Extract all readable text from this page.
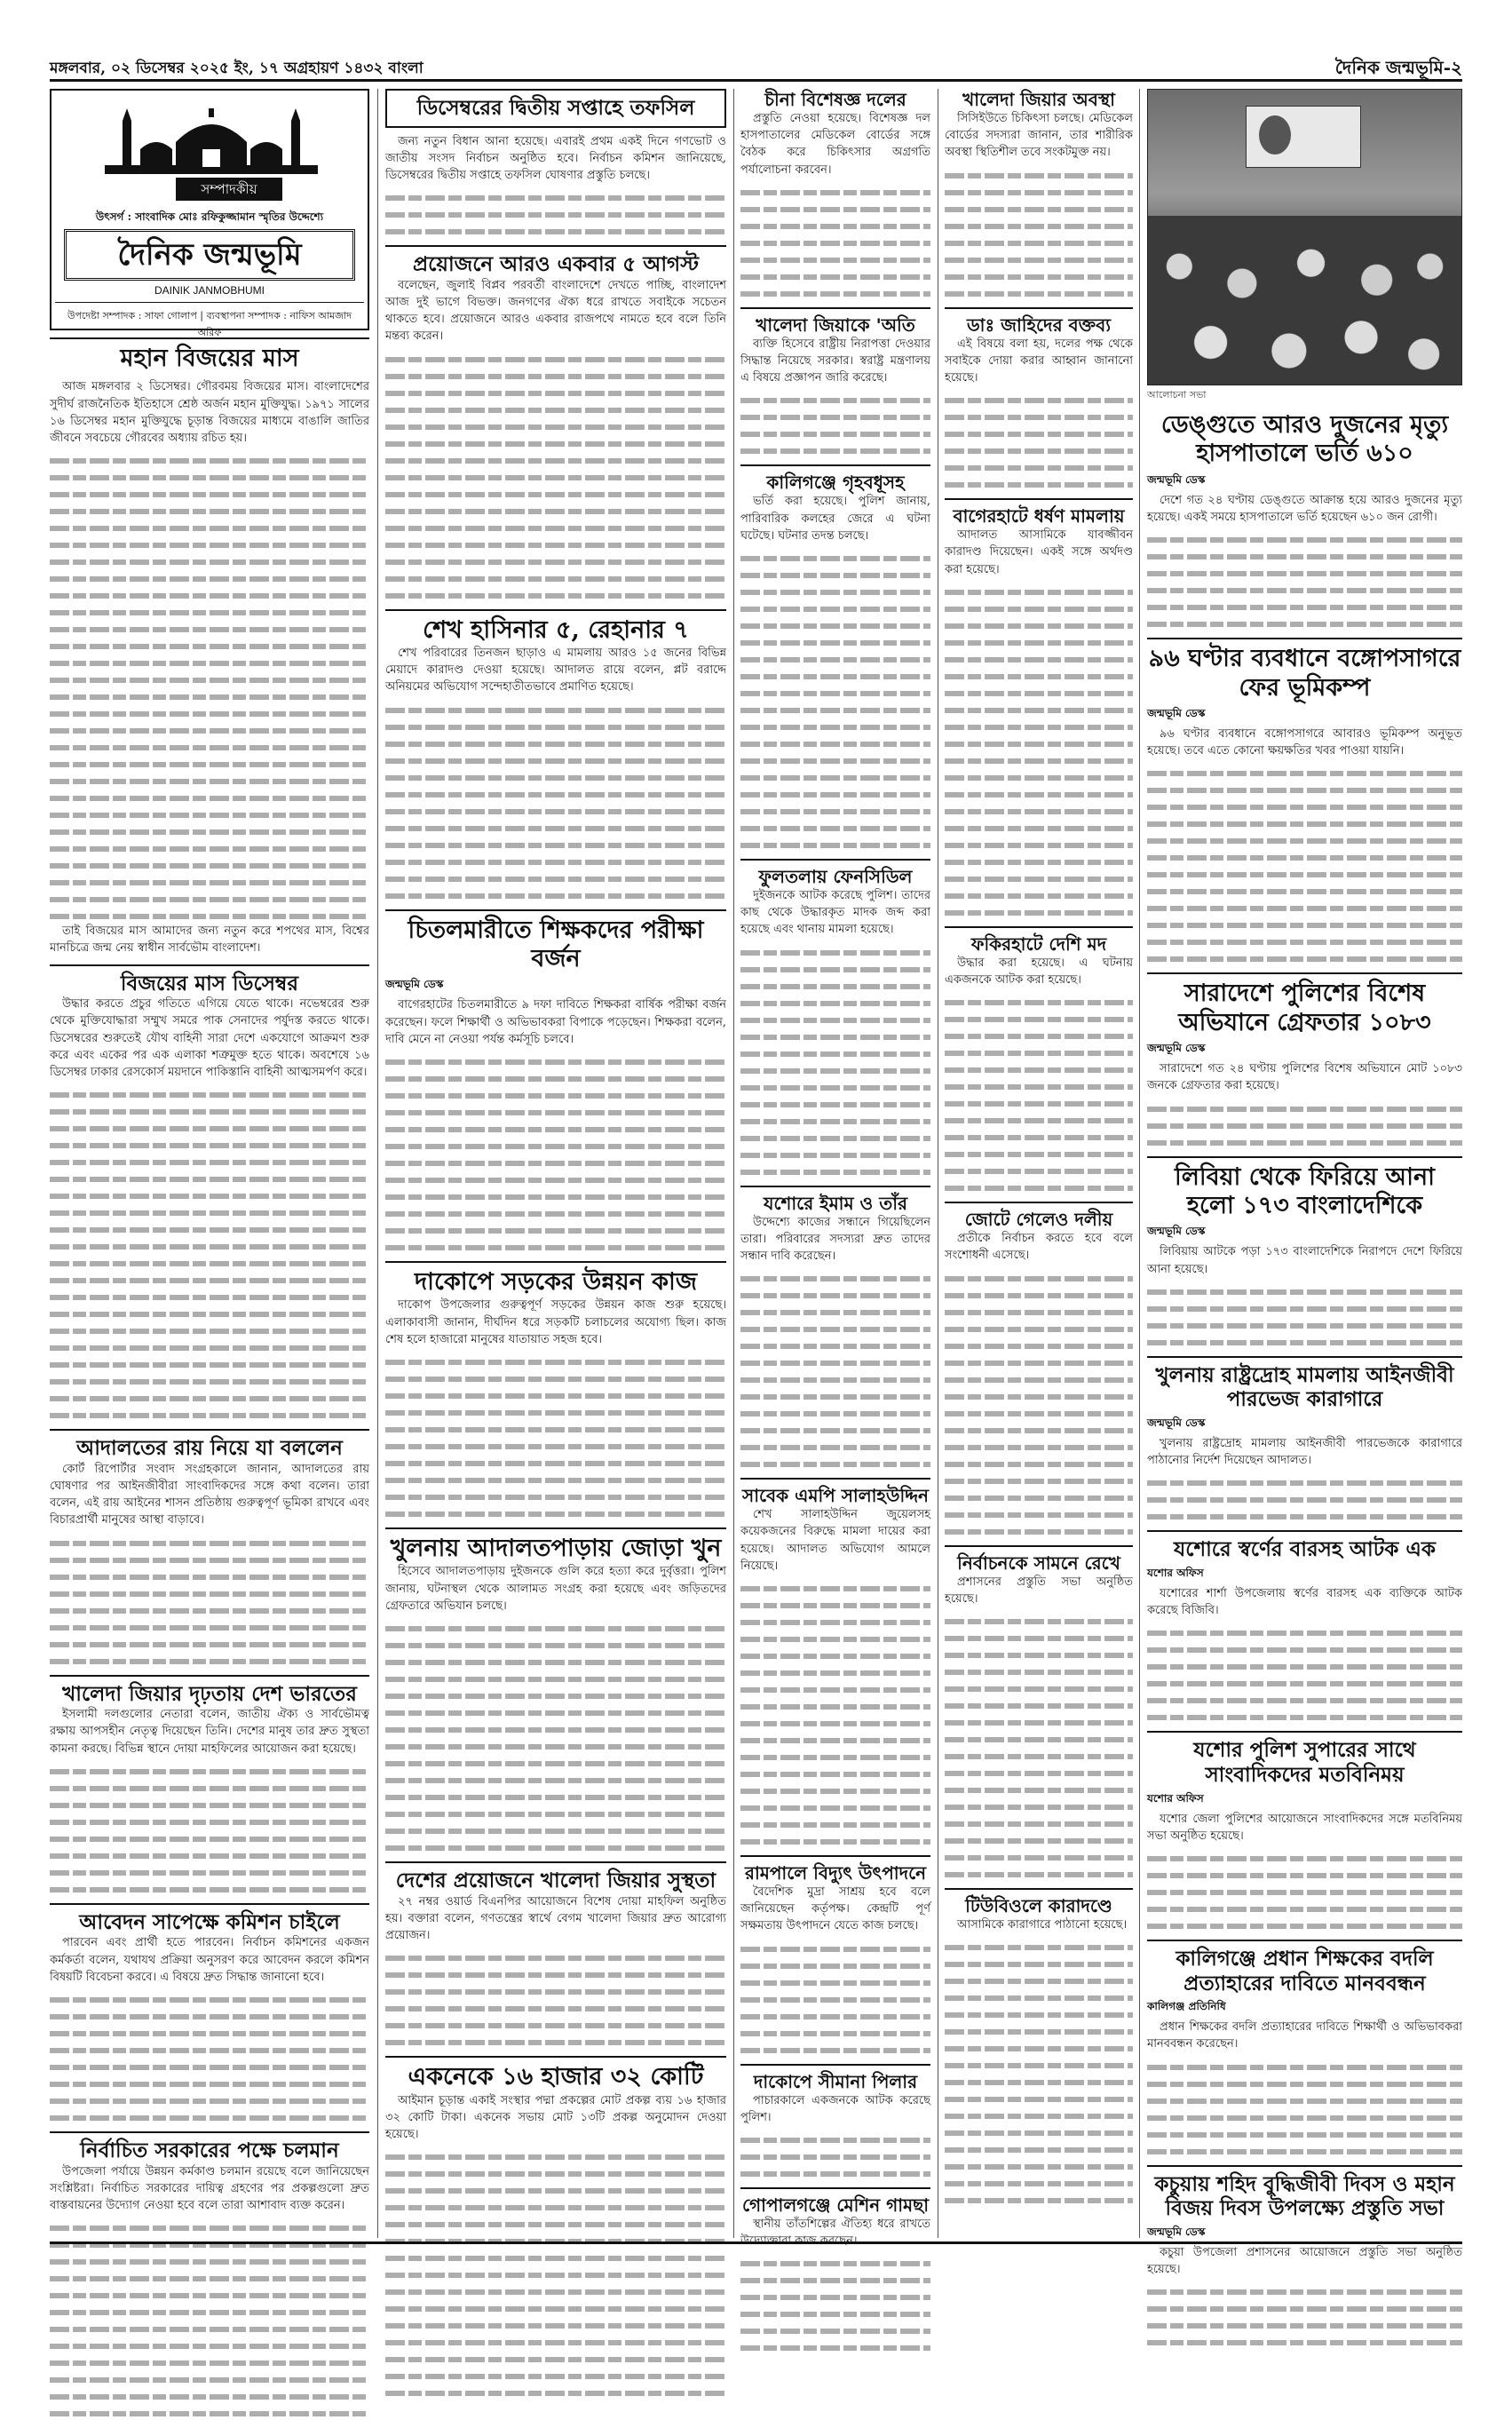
মঙ্গলবার, ০২ ডিসেম্বর ২০২৫ ইং, ১৭ অগ্রহায়ণ ১৪৩২ বাংলা	দৈনিক জন্মভূমি-২
সম্পাদকীয়
উৎসর্গ : সাংবাদিক মোঃ রফিকুজ্জামান স্মৃতির উদ্দেশ্যে
দৈনিক জন্মভূমি
DAINIK JANMOBHUMI
উপদেষ্টা সম্পাদক : সাফা গোলাপ | ব্যবস্থাপনা সম্পাদক : নাফিস আমজাদ অরিফ
মহান বিজয়ের মাস

আজ মঙ্গলবার ২ ডিসেম্বর। গৌরবময় বিজয়ের মাস। বাংলাদেশের সুদীর্ঘ রাজনৈতিক ইতিহাসে শ্রেষ্ঠ অর্জন মহান মুক্তিযুদ্ধ। ১৯৭১ সালের ১৬ ডিসেম্বর মহান মুক্তিযুদ্ধে চূড়ান্ত বিজয়ের মাধ্যমে বাঙালি জাতির জীবনে সবচেয়ে গৌরবের অধ্যায় রচিত হয়।

তাই বিজয়ের মাস আমাদের জন্য নতুন করে শপথের মাস, বিশ্বের মানচিত্রে জন্ম নেয় স্বাধীন সার্বভৌম বাংলাদেশ।

বিজয়ের মাস ডিসেম্বর

উদ্ধার করতে প্রচুর গতিতে এগিয়ে যেতে থাকে। নভেম্বরের শুরু থেকে মুক্তিযোদ্ধারা সম্মুখ সমরে পাক সেনাদের পর্যুদস্ত করতে থাকে। ডিসেম্বরের শুরুতেই যৌথ বাহিনী সারা দেশে একযোগে আক্রমণ শুরু করে এবং একের পর এক এলাকা শত্রুমুক্ত হতে থাকে। অবশেষে ১৬ ডিসেম্বর ঢাকার রেসকোর্স ময়দানে পাকিস্তানি বাহিনী আত্মসমর্পণ করে।

আদালতের রায় নিয়ে যা বললেন

কোর্ট রিপোর্টার সংবাদ সংগ্রহকালে জানান, আদালতের রায় ঘোষণার পর আইনজীবীরা সাংবাদিকদের সঙ্গে কথা বলেন। তারা বলেন, এই রায় আইনের শাসন প্রতিষ্ঠায় গুরুত্বপূর্ণ ভূমিকা রাখবে এবং বিচারপ্রার্থী মানুষের আস্থা বাড়াবে।

খালেদা জিয়ার দৃঢ়তায় দেশ ভারতের

ইসলামী দলগুলোর নেতারা বলেন, জাতীয় ঐক্য ও সার্বভৌমত্ব রক্ষায় আপসহীন নেতৃত্ব দিয়েছেন তিনি। দেশের মানুষ তার দ্রুত সুস্থতা কামনা করছে। বিভিন্ন স্থানে দোয়া মাহফিলের আয়োজন করা হয়েছে।

আবেদন সাপেক্ষে কমিশন চাইলে

পারবেন এবং প্রার্থী হতে পারবেন। নির্বাচন কমিশনের একজন কর্মকর্তা বলেন, যথাযথ প্রক্রিয়া অনুসরণ করে আবেদন করলে কমিশন বিষয়টি বিবেচনা করবে। এ বিষয়ে দ্রুত সিদ্ধান্ত জানানো হবে।

নির্বাচিত সরকারের পক্ষে চলমান

উপজেলা পর্যায়ে উন্নয়ন কর্মকাণ্ড চলমান রয়েছে বলে জানিয়েছেন সংশ্লিষ্টরা। নির্বাচিত সরকারের দায়িত্ব গ্রহণের পর প্রকল্পগুলো দ্রুত বাস্তবায়নের উদ্যোগ নেওয়া হবে বলে তারা আশাবাদ ব্যক্ত করেন।

ডিসেম্বরের দ্বিতীয় সপ্তাহে তফসিল

জন্য নতুন বিধান আনা হয়েছে। এবারই প্রথম একই দিনে গণভোট ও জাতীয় সংসদ নির্বাচন অনুষ্ঠিত হবে। নির্বাচন কমিশন জানিয়েছে, ডিসেম্বরের দ্বিতীয় সপ্তাহে তফসিল ঘোষণার প্রস্তুতি চলছে।

প্রয়োজনে আরও একবার ৫ আগস্ট

বলেছেন, জুলাই বিপ্লব পরবর্তী বাংলাদেশে দেখতে পাচ্ছি, বাংলাদেশ আজ দুই ভাগে বিভক্ত। জনগণের ঐক্য ধরে রাখতে সবাইকে সচেতন থাকতে হবে। প্রয়োজনে আরও একবার রাজপথে নামতে হবে বলে তিনি মন্তব্য করেন।

শেখ হাসিনার ৫, রেহানার ৭

শেখ পরিবারের তিনজন ছাড়াও এ মামলায় আরও ১৫ জনের বিভিন্ন মেয়াদে কারাদণ্ড দেওয়া হয়েছে। আদালত রায়ে বলেন, প্লট বরাদ্দে অনিয়মের অভিযোগ সন্দেহাতীতভাবে প্রমাণিত হয়েছে।

চিতলমারীতে শিক্ষকদের পরীক্ষা বর্জন
জন্মভূমি ডেস্ক

বাগেরহাটের চিতলমারীতে ৯ দফা দাবিতে শিক্ষকরা বার্ষিক পরীক্ষা বর্জন করেছেন। ফলে শিক্ষার্থী ও অভিভাবকরা বিপাকে পড়েছেন। শিক্ষকরা বলেন, দাবি মেনে না নেওয়া পর্যন্ত কর্মসূচি চলবে।

দাকোপে সড়কের উন্নয়ন কাজ

দাকোপ উপজেলার গুরুত্বপূর্ণ সড়কের উন্নয়ন কাজ শুরু হয়েছে। এলাকাবাসী জানান, দীর্ঘদিন ধরে সড়কটি চলাচলের অযোগ্য ছিল। কাজ শেষ হলে হাজারো মানুষের যাতায়াত সহজ হবে।

খুলনায় আদালতপাড়ায় জোড়া খুন

হিসেবে আদালতপাড়ায় দুইজনকে গুলি করে হত্যা করে দুর্বৃত্তরা। পুলিশ জানায়, ঘটনাস্থল থেকে আলামত সংগ্রহ করা হয়েছে এবং জড়িতদের গ্রেফতারে অভিযান চলছে।

দেশের প্রয়োজনে খালেদা জিয়ার সুস্থতা

২৭ নম্বর ওয়ার্ড বিএনপির আয়োজনে বিশেষ দোয়া মাহফিল অনুষ্ঠিত হয়। বক্তারা বলেন, গণতন্ত্রের স্বার্থে বেগম খালেদা জিয়ার দ্রুত আরোগ্য প্রয়োজন।

একনেকে ১৬ হাজার ৩২ কোটি

আইমান চূড়ান্ত একাই সংস্থার পদ্মা প্রকল্পের মোট প্রকল্প ব্যয় ১৬ হাজার ৩২ কোটি টাকা। একনেক সভায় মোট ১৩টি প্রকল্প অনুমোদন দেওয়া হয়েছে।

চীনা বিশেষজ্ঞ দলের

প্রস্তুতি নেওয়া হয়েছে। বিশেষজ্ঞ দল হাসপাতালের মেডিকেল বোর্ডের সঙ্গে বৈঠক করে চিকিৎসার অগ্রগতি পর্যালোচনা করবেন।

খালেদা জিয়াকে 'অতি

ব্যক্তি হিসেবে রাষ্ট্রীয় নিরাপত্তা দেওয়ার সিদ্ধান্ত নিয়েছে সরকার। স্বরাষ্ট্র মন্ত্রণালয় এ বিষয়ে প্রজ্ঞাপন জারি করেছে।

কালিগঞ্জে গৃহবধূসহ

ভর্তি করা হয়েছে। পুলিশ জানায়, পারিবারিক কলহের জেরে এ ঘটনা ঘটেছে। ঘটনার তদন্ত চলছে।

ফুলতলায় ফেনসিডিল

দুইজনকে আটক করেছে পুলিশ। তাদের কাছ থেকে উদ্ধারকৃত মাদক জব্দ করা হয়েছে এবং থানায় মামলা হয়েছে।

যশোরে ইমাম ও তাঁর

উদ্দেশ্যে কাজের সন্ধানে গিয়েছিলেন তারা। পরিবারের সদস্যরা দ্রুত তাদের সন্ধান দাবি করেছেন।

সাবেক এমপি সালাহউদ্দিন

শেখ সালাহউদ্দিন জুয়েলসহ কয়েকজনের বিরুদ্ধে মামলা দায়ের করা হয়েছে। আদালত অভিযোগ আমলে নিয়েছে।

রামপালে বিদ্যুৎ উৎপাদনে

বৈদেশিক মুদ্রা সাশ্রয় হবে বলে জানিয়েছেন কর্তৃপক্ষ। কেন্দ্রটি পূর্ণ সক্ষমতায় উৎপাদনে যেতে কাজ চলছে।

দাকোপে সীমানা পিলার

পাচারকালে একজনকে আটক করেছে পুলিশ।

গোপালগঞ্জে মেশিন গামছা

স্থানীয় তাঁতশিল্পের ঐতিহ্য ধরে রাখতে উদ্যোক্তারা কাজ করছেন।

খালেদা জিয়ার অবস্থা

সিসিইউতে চিকিৎসা চলছে। মেডিকেল বোর্ডের সদস্যরা জানান, তার শারীরিক অবস্থা স্থিতিশীল তবে সংকটমুক্ত নয়।

ডাঃ জাহিদের বক্তব্য

এই বিষয়ে বলা হয়, দলের পক্ষ থেকে সবাইকে দোয়া করার আহ্বান জানানো হয়েছে।

বাগেরহাটে ধর্ষণ মামলায়

আদালত আসামিকে যাবজ্জীবন কারাদণ্ড দিয়েছেন। একই সঙ্গে অর্থদণ্ড করা হয়েছে।

ফকিরহাটে দেশি মদ

উদ্ধার করা হয়েছে। এ ঘটনায় একজনকে আটক করা হয়েছে।

জোটে গেলেও দলীয়

প্রতীকে নির্বাচন করতে হবে বলে সংশোধনী এসেছে।

নির্বাচনকে সামনে রেখে

প্রশাসনের প্রস্তুতি সভা অনুষ্ঠিত হয়েছে।

টিউবিওলে কারাদণ্ডে

আসামিকে কারাগারে পাঠানো হয়েছে।

আলোচনা সভা
ডেঙ্গুতে আরও দুজনের মৃত্যু হাসপাতালে ভর্তি ৬১০
জন্মভূমি ডেস্ক

দেশে গত ২৪ ঘণ্টায় ডেঙ্গুতে আক্রান্ত হয়ে আরও দুজনের মৃত্যু হয়েছে। একই সময়ে হাসপাতালে ভর্তি হয়েছেন ৬১০ জন রোগী।

৯৬ ঘণ্টার ব্যবধানে বঙ্গোপসাগরে ফের ভূমিকম্প
জন্মভূমি ডেস্ক

৯৬ ঘণ্টার ব্যবধানে বঙ্গোপসাগরে আবারও ভূমিকম্প অনুভূত হয়েছে। তবে এতে কোনো ক্ষয়ক্ষতির খবর পাওয়া যায়নি।

সারাদেশে পুলিশের বিশেষ অভিযানে গ্রেফতার ১০৮৩
জন্মভূমি ডেস্ক

সারাদেশে গত ২৪ ঘণ্টায় পুলিশের বিশেষ অভিযানে মোট ১০৮৩ জনকে গ্রেফতার করা হয়েছে।

লিবিয়া থেকে ফিরিয়ে আনা হলো ১৭৩ বাংলাদেশিকে
জন্মভূমি ডেস্ক

লিবিয়ায় আটকে পড়া ১৭৩ বাংলাদেশিকে নিরাপদে দেশে ফিরিয়ে আনা হয়েছে।

খুলনায় রাষ্ট্রদ্রোহ মামলায় আইনজীবী পারভেজ কারাগারে
জন্মভূমি ডেস্ক

খুলনায় রাষ্ট্রদ্রোহ মামলায় আইনজীবী পারভেজকে কারাগারে পাঠানোর নির্দেশ দিয়েছেন আদালত।

যশোরে স্বর্ণের বারসহ আটক এক
যশোর অফিস

যশোরের শার্শা উপজেলায় স্বর্ণের বারসহ এক ব্যক্তিকে আটক করেছে বিজিবি।

যশোর পুলিশ সুপারের সাথে সাংবাদিকদের মতবিনিময়
যশোর অফিস

যশোর জেলা পুলিশের আয়োজনে সাংবাদিকদের সঙ্গে মতবিনিময় সভা অনুষ্ঠিত হয়েছে।

কালিগঞ্জে প্রধান শিক্ষকের বদলি প্রত্যাহারের দাবিতে মানববন্ধন
কালিগঞ্জ প্রতিনিধি

প্রধান শিক্ষকের বদলি প্রত্যাহারের দাবিতে শিক্ষার্থী ও অভিভাবকরা মানববন্ধন করেছেন।

কচুয়ায় শহিদ বুদ্ধিজীবী দিবস ও মহান বিজয় দিবস উপলক্ষ্যে প্রস্তুতি সভা
জন্মভূমি ডেস্ক

কচুয়া উপজেলা প্রশাসনের আয়োজনে প্রস্তুতি সভা অনুষ্ঠিত হয়েছে।
